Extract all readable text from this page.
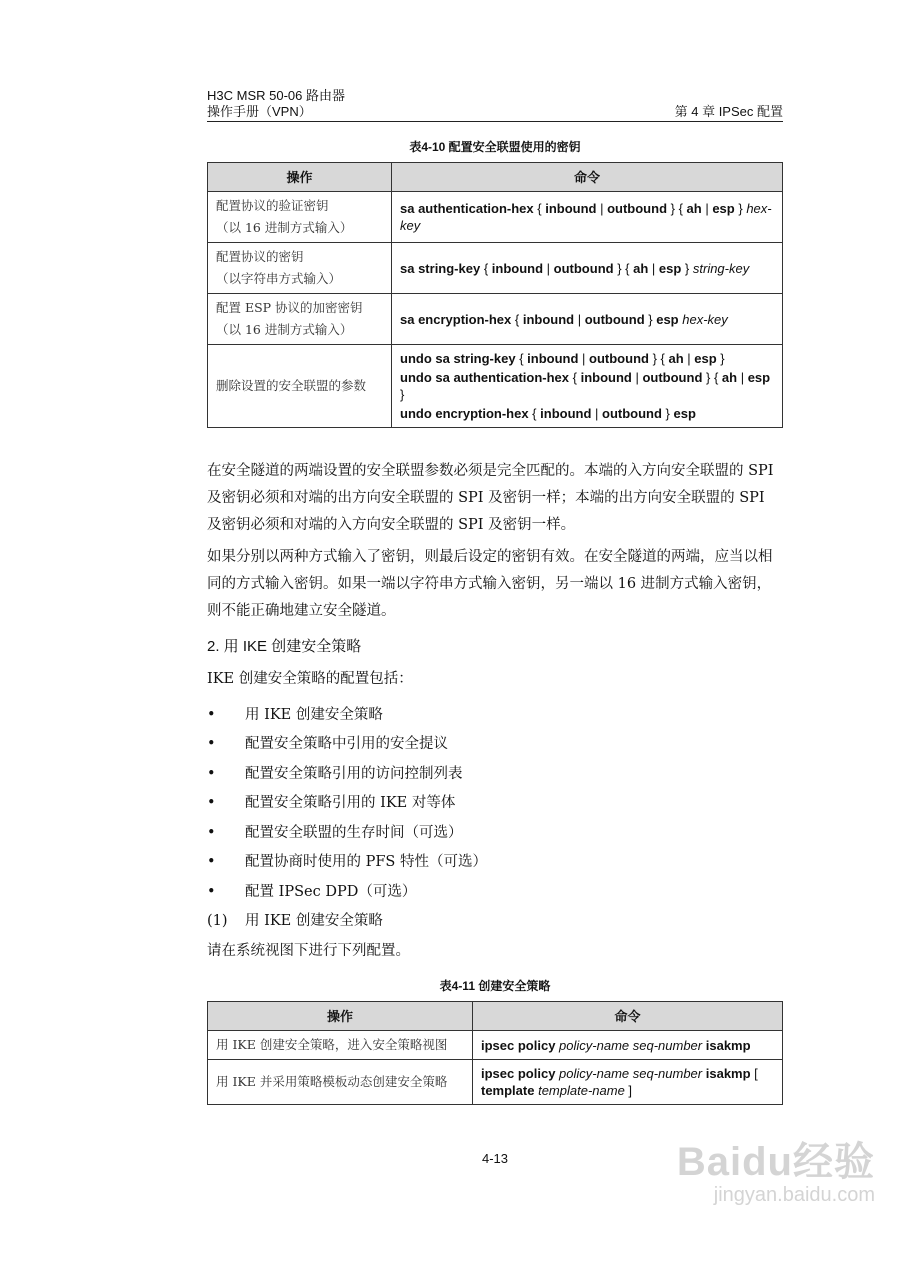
H3C MSR 50-06 路由器
操作手册（VPN）	第 4 章 IPSec 配置
表4-10 配置安全联盟使用的密钥
操作	命令

配置协议的验证密钥
（以 16 进制方式输入）	sa authentication-hex { inbound | outbound } { ah | esp } hex-key

配置协议的密钥
（以字符串方式输入）	sa string-key { inbound | outbound } { ah | esp } string-key

配置 ESP 协议的加密密钥
（以 16 进制方式输入）	sa encryption-hex { inbound | outbound } esp hex-key

删除设置的安全联盟的参数	undo sa string-key { inbound | outbound } { ah | esp }
undo sa authentication-hex { inbound | outbound } { ah | esp }
undo encryption-hex { inbound | outbound } esp
在安全隧道的两端设置的安全联盟参数必须是完全匹配的。本端的入方向安全联盟的 SPI 及密钥必须和对端的出方向安全联盟的 SPI 及密钥一样；本端的出方向安全联盟的 SPI 及密钥必须和对端的入方向安全联盟的 SPI 及密钥一样。
如果分别以两种方式输入了密钥，则最后设定的密钥有效。在安全隧道的两端，应当以相同的方式输入密钥。如果一端以字符串方式输入密钥，另一端以 16 进制方式输入密钥，则不能正确地建立安全隧道。
2. 用 IKE 创建安全策略
IKE 创建安全策略的配置包括：
• 用 IKE 创建安全策略
• 配置安全策略中引用的安全提议
• 配置安全策略引用的访问控制列表
• 配置安全策略引用的 IKE 对等体
• 配置安全联盟的生存时间（可选）
• 配置协商时使用的 PFS 特性（可选）
• 配置 IPSec DPD（可选）
(1) 用 IKE 创建安全策略
请在系统视图下进行下列配置。
表4-11 创建安全策略
操作	命令

用 IKE 创建安全策略，进入安全策略视图	ipsec policy policy-name seq-number isakmp

用 IKE 并采用策略模板动态创建安全策略	ipsec policy policy-name seq-number isakmp [ template template-name ]
4-13	Baidu经验
jingyan.baidu.com
